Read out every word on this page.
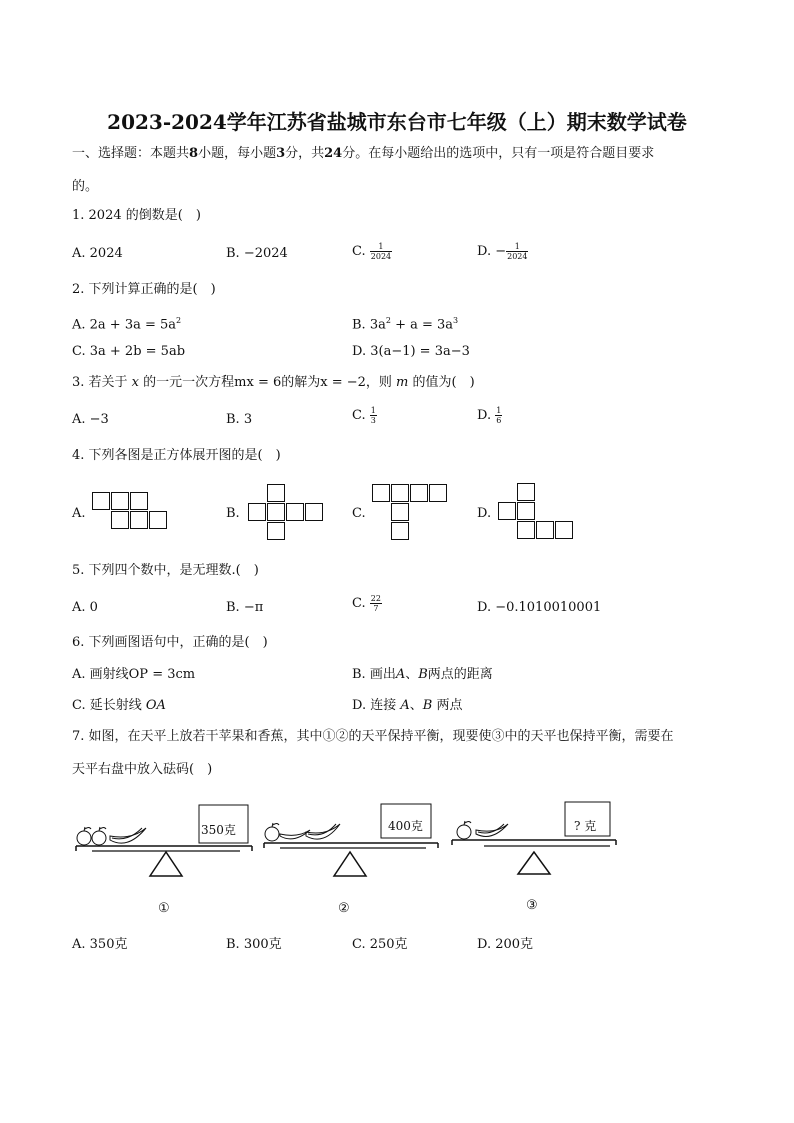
2023-2024学年江苏省盐城市东台市七年级（上）期末数学试卷
一、选择题：本题共8小题，每小题3分，共24分。在每小题给出的选项中，只有一项是符合题目要求
的。
1. 2024 的倒数是(　)
A. 2024	B. −2024	C. $\frac{1}{2024}$	D. − $\frac{1}{2024}$
2. 下列计算正确的是(　)
A. $2a + 3a = 5a^2$	B. $3a^2 + a = 3a^3$
C. 3a + 2b = 5ab	D. 3(a−1) = 3a−3
3. 若关于 x 的一元一次方程mx = 6的解为x = −2，则 m 的值为(　)
A. −3	B. 3	C. $\frac{1}{3}$	D. $\frac{1}{6}$
4. 下列各图是正方体展开图的是(　)
A.	B.	C.	D.
5. 下列四个数中，是无理数.(　)
A. 0	B. −π	C. $\frac{22}{7}$	D. −0.1010010001
6. 下列画图语句中，正确的是(　)
A. 画射线OP = 3cm	B. 画出A、B两点的距离
C. 延长射线 OA	D. 连接 A、B 两点
7. 如图，在天平上放若干苹果和香蕉，其中①②的天平保持平衡，现要使③中的天平也保持平衡，需要在
天平右盘中放入砝码(　)
350克	400克	? 克
①	②	③
A. 350克	B. 300克	C. 250克	D. 200克
